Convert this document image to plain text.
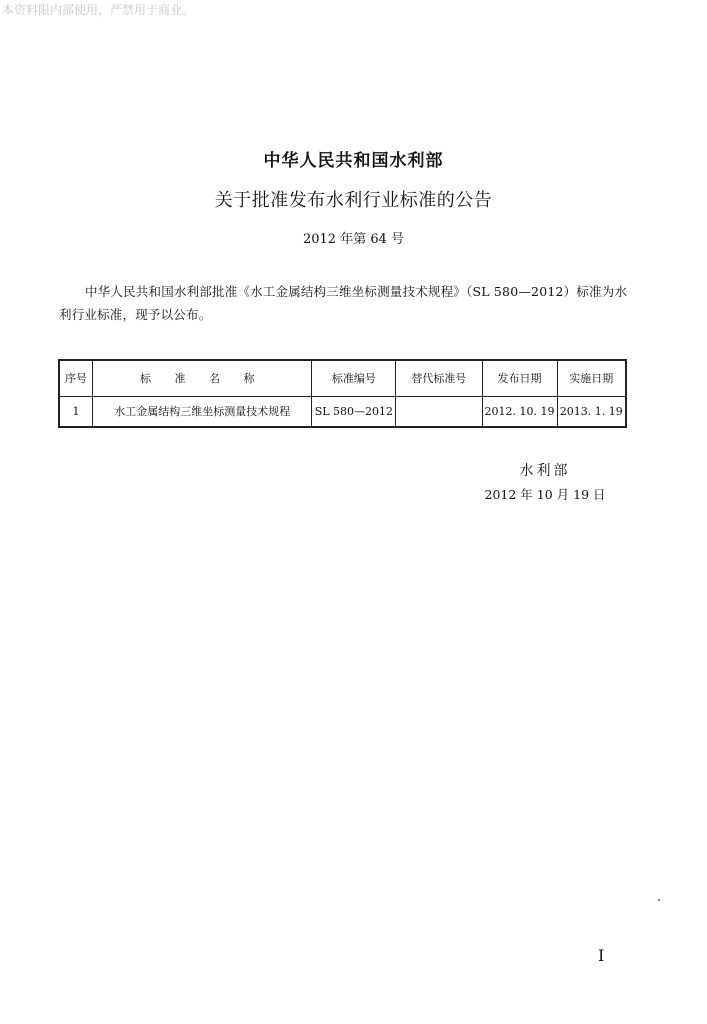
本资料限内部使用，严禁用于商业。
中华人民共和国水利部
关于批准发布水利行业标准的公告
2012 年第 64 号
中华人民共和国水利部批准《水工金属结构三维坐标测量技术规程》（SL 580—2012）标准为水利行业标准，现予以公布。
序号	标 准 名 称	标准编号	替代标准号	发布日期	实施日期
1	水工金属结构三维坐标测量技术规程	SL 580—2012		2012. 10. 19	2013. 1. 19
水利部
2012 年 10 月 19 日
I
